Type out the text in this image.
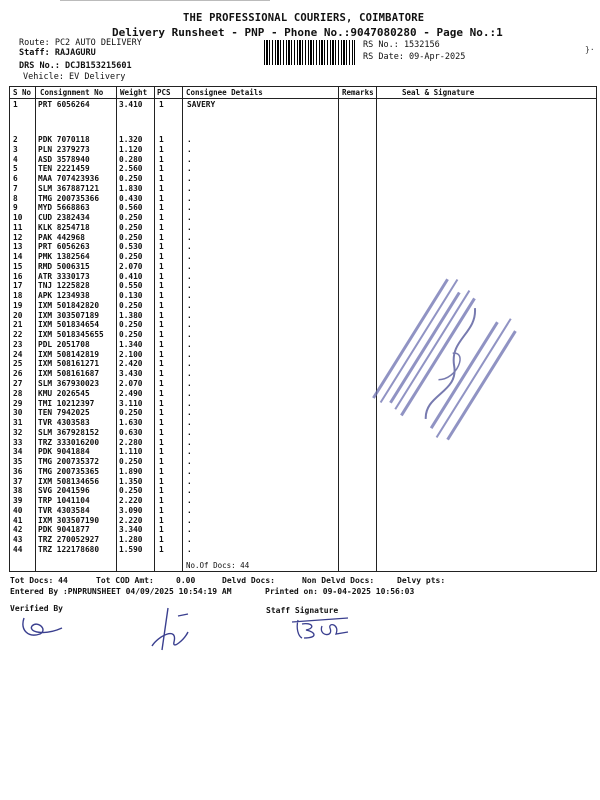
}·
THE PROFESSIONAL COURIERS, COIMBATORE
Delivery Runsheet - PNP - Phone No.:9047080280 - Page No.:1
Route: PC2 AUTO DELIVERY
Staff: RAJAGURU
DRS No.: DCJB153215601
Vehicle: EV Delivery
RS No.: 1532156
RS Date: 09-Apr-2025
S No Consignment No Weight PCS Consignee Details	Remarks	Seal & Signature
1	PRT 6056264	3.410 1	SAVERY
2	PDK 7070118	1.320 1	.
3	PLN 2379273	1.120 1	.
4	ASD 3578940	0.280 1	.
5	TEN 2221459	2.560 1	.
6	MAA 707423936	0.250 1	.
7	SLM 367887121	1.830 1	.
8	TMG 200735366	0.430 1	.
9	MYD 5668863	0.560 1	.
10 CUD 2382434	0.250 1	.
11 KLK 8254718	0.250 1	.
12 PAK 442968	0.250 1	.
13 PRT 6056263	0.530 1	.
14 PMK 1382564	0.250 1	.
15 RMD 5006315	2.070 1	.
16 ATR 3330173	0.410 1	.
17 TNJ 1225828	0.550 1	.
18 APK 1234938	0.130 1	.
19 IXM 501842820	0.250 1	.
20 IXM 303507189	1.380 1	.
21 IXM 501834654	0.250 1	.
22 IXM 5018345655 0.250 1	.
23 PDL 2051708	1.340 1	.
24 IXM 508142819	2.100 1	.
25 IXM 508161271	2.420 1	.
26 IXM 508161687	3.430 1	.
27 SLM 367930023	2.070 1	.
28 KMU 2026545	2.490 1	.
29 TMI 10212397	3.110 1	.
30 TEN 7942025	0.250 1	.
31 TVR 4303583	1.630 1	.
32 SLM 367928152	0.630 1	.
33 TRZ 333016200	2.280 1	.
34 PDK 9041884	1.110 1	.
35 TMG 200735372	0.250 1	.
36 TMG 200735365	1.890 1	.
37 IXM 508134656	1.350 1	.
38 SVG 2041596	0.250 1	.
39 TRP 1041104	2.220 1	.
40 TVR 4303584	3.090 1	.
41 IXM 303507190	2.220 1	.
42 PDK 9041877	3.340 1	.
43 TRZ 270052927	1.280 1	.
44 TRZ 122178680	1.590 1	.
No.Of Docs: 44
Tot Docs: 44	Tot COD Amt:	0.00	Delvd Docs:	Non Delvd Docs:	Delvy pts:
Entered By :PNPRUNSHEET 04/09/2025 10:54:19 AM	Printed on: 09-04-2025 10:56:03
Verified By	Staff Signature
